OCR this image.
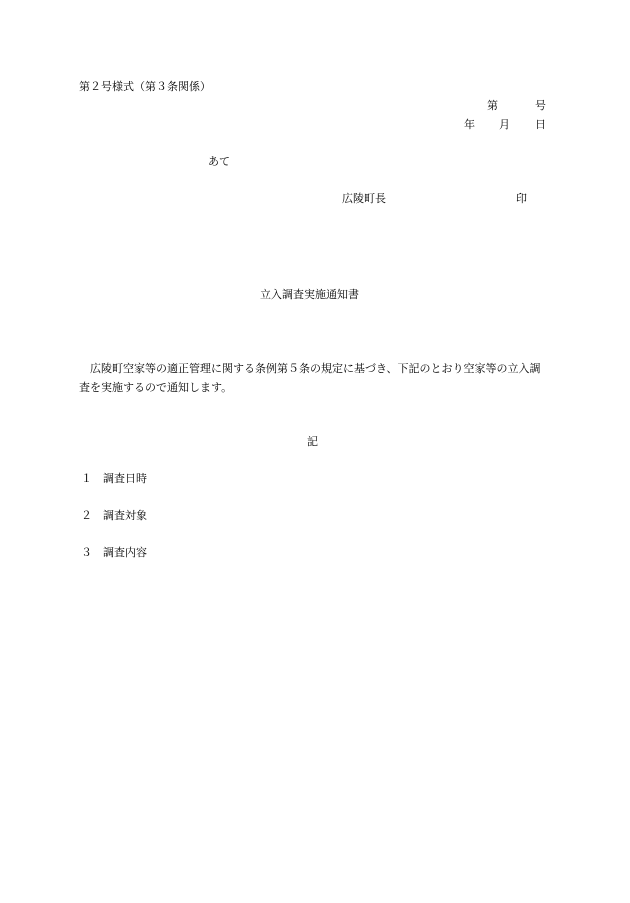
第２号様式（第３条関係）
第	号
年 月 日
あて
広陵町長	印
立入調査実施通知書
広陵町空家等の適正管理に関する条例第５条の規定に基づき、下記のとおり空家等の立入調査を実施するので通知します。
記
１ 調査日時
２ 調査対象
３ 調査内容
